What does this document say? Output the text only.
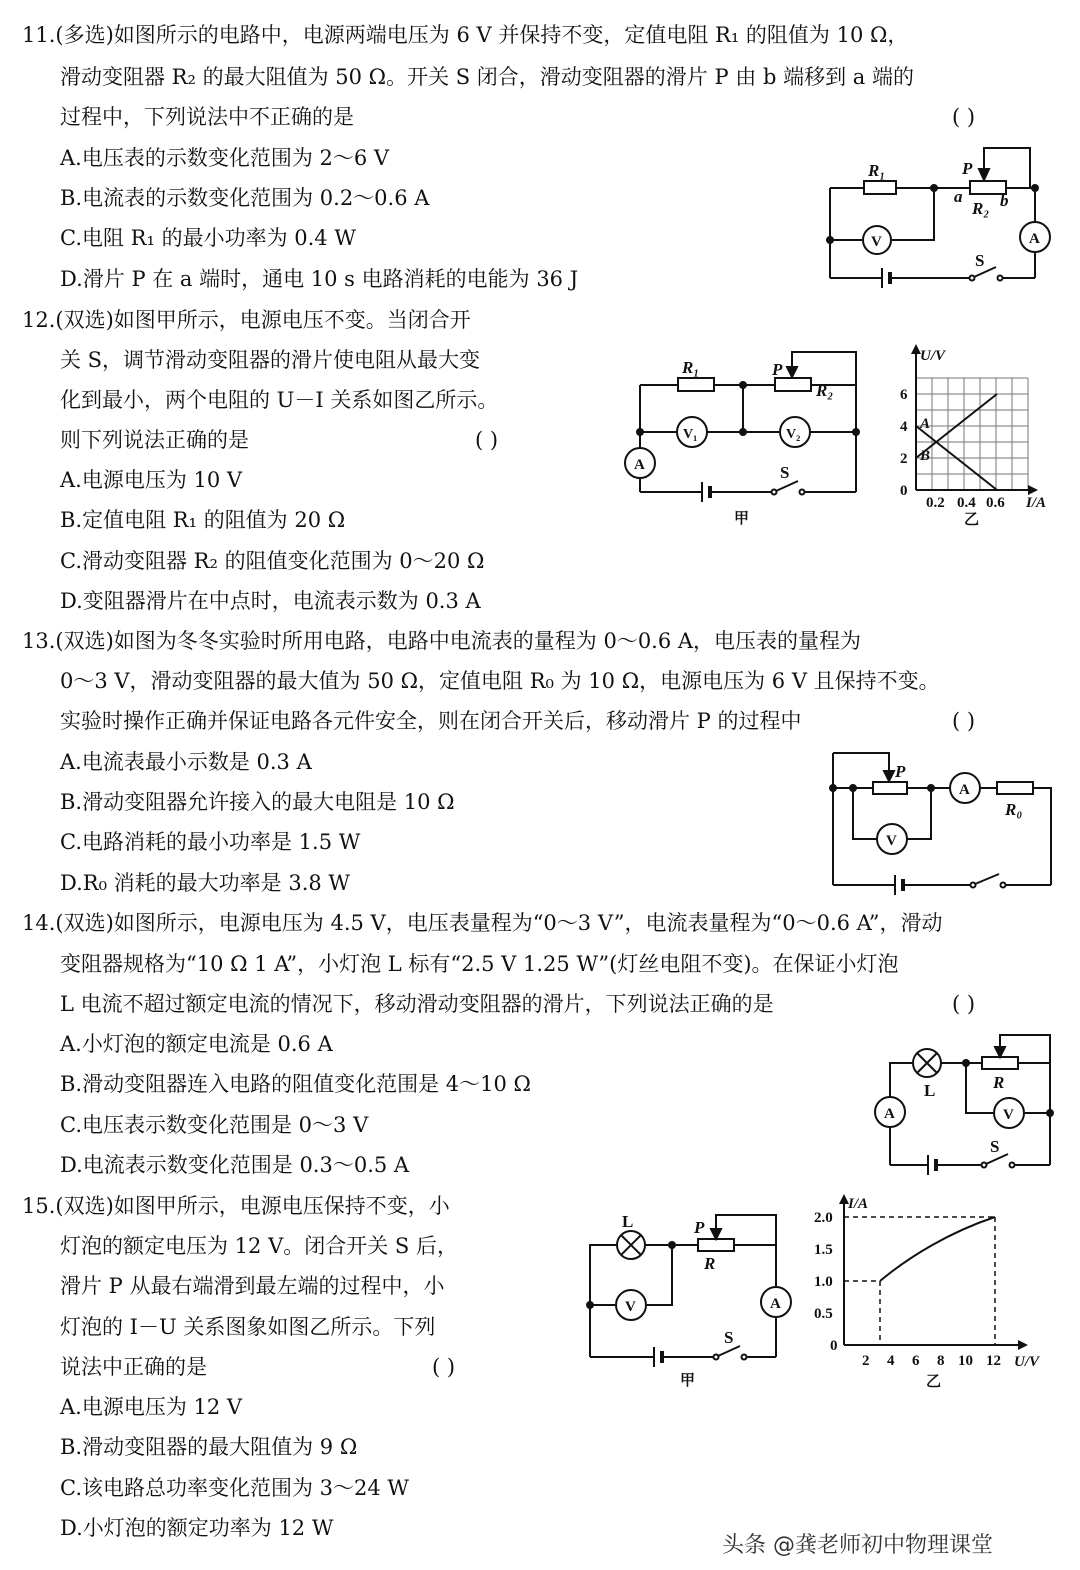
11.(多选)如图所示的电路中，电源两端电压为 6 V 并保持不变，定值电阻 R₁ 的阻值为 10 Ω，
滑动变阻器 R₂ 的最大阻值为 50 Ω。开关 S 闭合，滑动变阻器的滑片 P 由 b 端移到 a 端的
过程中，下列说法中不正确的是	( )
A.电压表的示数变化范围为 2～6 V
B.电流表的示数变化范围为 0.2～0.6 A
C.电阻 R₁ 的最小功率为 0.4 W
D.滑片 P 在 a 端时，通电 10 s 电路消耗的电能为 36 J
R₁	P
a
R₂ b
V	A
S
12.(双选)如图甲所示，电源电压不变。当闭合开
关 S，调节滑动变阻器的滑片使电阻从最大变
化到最小，两个电阻的 U－I 关系如图乙所示。
则下列说法正确的是	( )
A.电源电压为 10 V
B.定值电阻 R₁ 的阻值为 20 Ω
C.滑动变阻器 R₂ 的阻值变化范围为 0～20 Ω
D.变阻器滑片在中点时，电流表示数为 0.3 A
R₁	P
R₂
V₁	V₂
A	S
甲
U/V
I/A
6
4
2
0
0.2 0.4 0.6
A
B
乙
13.(双选)如图为冬冬实验时所用电路，电路中电流表的量程为 0～0.6 A，电压表的量程为
0～3 V，滑动变阻器的最大值为 50 Ω，定值电阻 R₀ 为 10 Ω，电源电压为 6 V 且保持不变。
实验时操作正确并保证电路各元件安全，则在闭合开关后，移动滑片 P 的过程中	( )
A.电流表最小示数是 0.3 A
B.滑动变阻器允许接入的最大电阻是 10 Ω
C.电路消耗的最小功率是 1.5 W
D.R₀ 消耗的最大功率是 3.8 W
P
A
R₀
V
14.(双选)如图所示，电源电压为 4.5 V，电压表量程为“0～3 V”，电流表量程为“0～0.6 A”，滑动
变阻器规格为“10 Ω 1 A”，小灯泡 L 标有“2.5 V 1.25 W”(灯丝电阻不变)。在保证小灯泡
L 电流不超过额定电流的情况下，移动滑动变阻器的滑片，下列说法正确的是	( )
A.小灯泡的额定电流是 0.6 A
B.滑动变阻器连入电路的阻值变化范围是 4～10 Ω
C.电压表示数变化范围是 0～3 V
D.电流表示数变化范围是 0.3～0.5 A
L	R
A	V
S
15.(双选)如图甲所示，电源电压保持不变，小
灯泡的额定电压为 12 V。闭合开关 S 后，
滑片 P 从最右端滑到最左端的过程中，小
灯泡的 I－U 关系图象如图乙所示。下列
说法中正确的是	( )
A.电源电压为 12 V
B.滑动变阻器的最大阻值为 9 Ω
C.该电路总功率变化范围为 3～24 W
D.小灯泡的额定功率为 12 W
L	P
R
V	A
S
甲
I/A
U/V
2.0
1.5
1.0
0.5
0
2 4 6 8 10 12
乙
头条 @龚老师初中物理课堂
